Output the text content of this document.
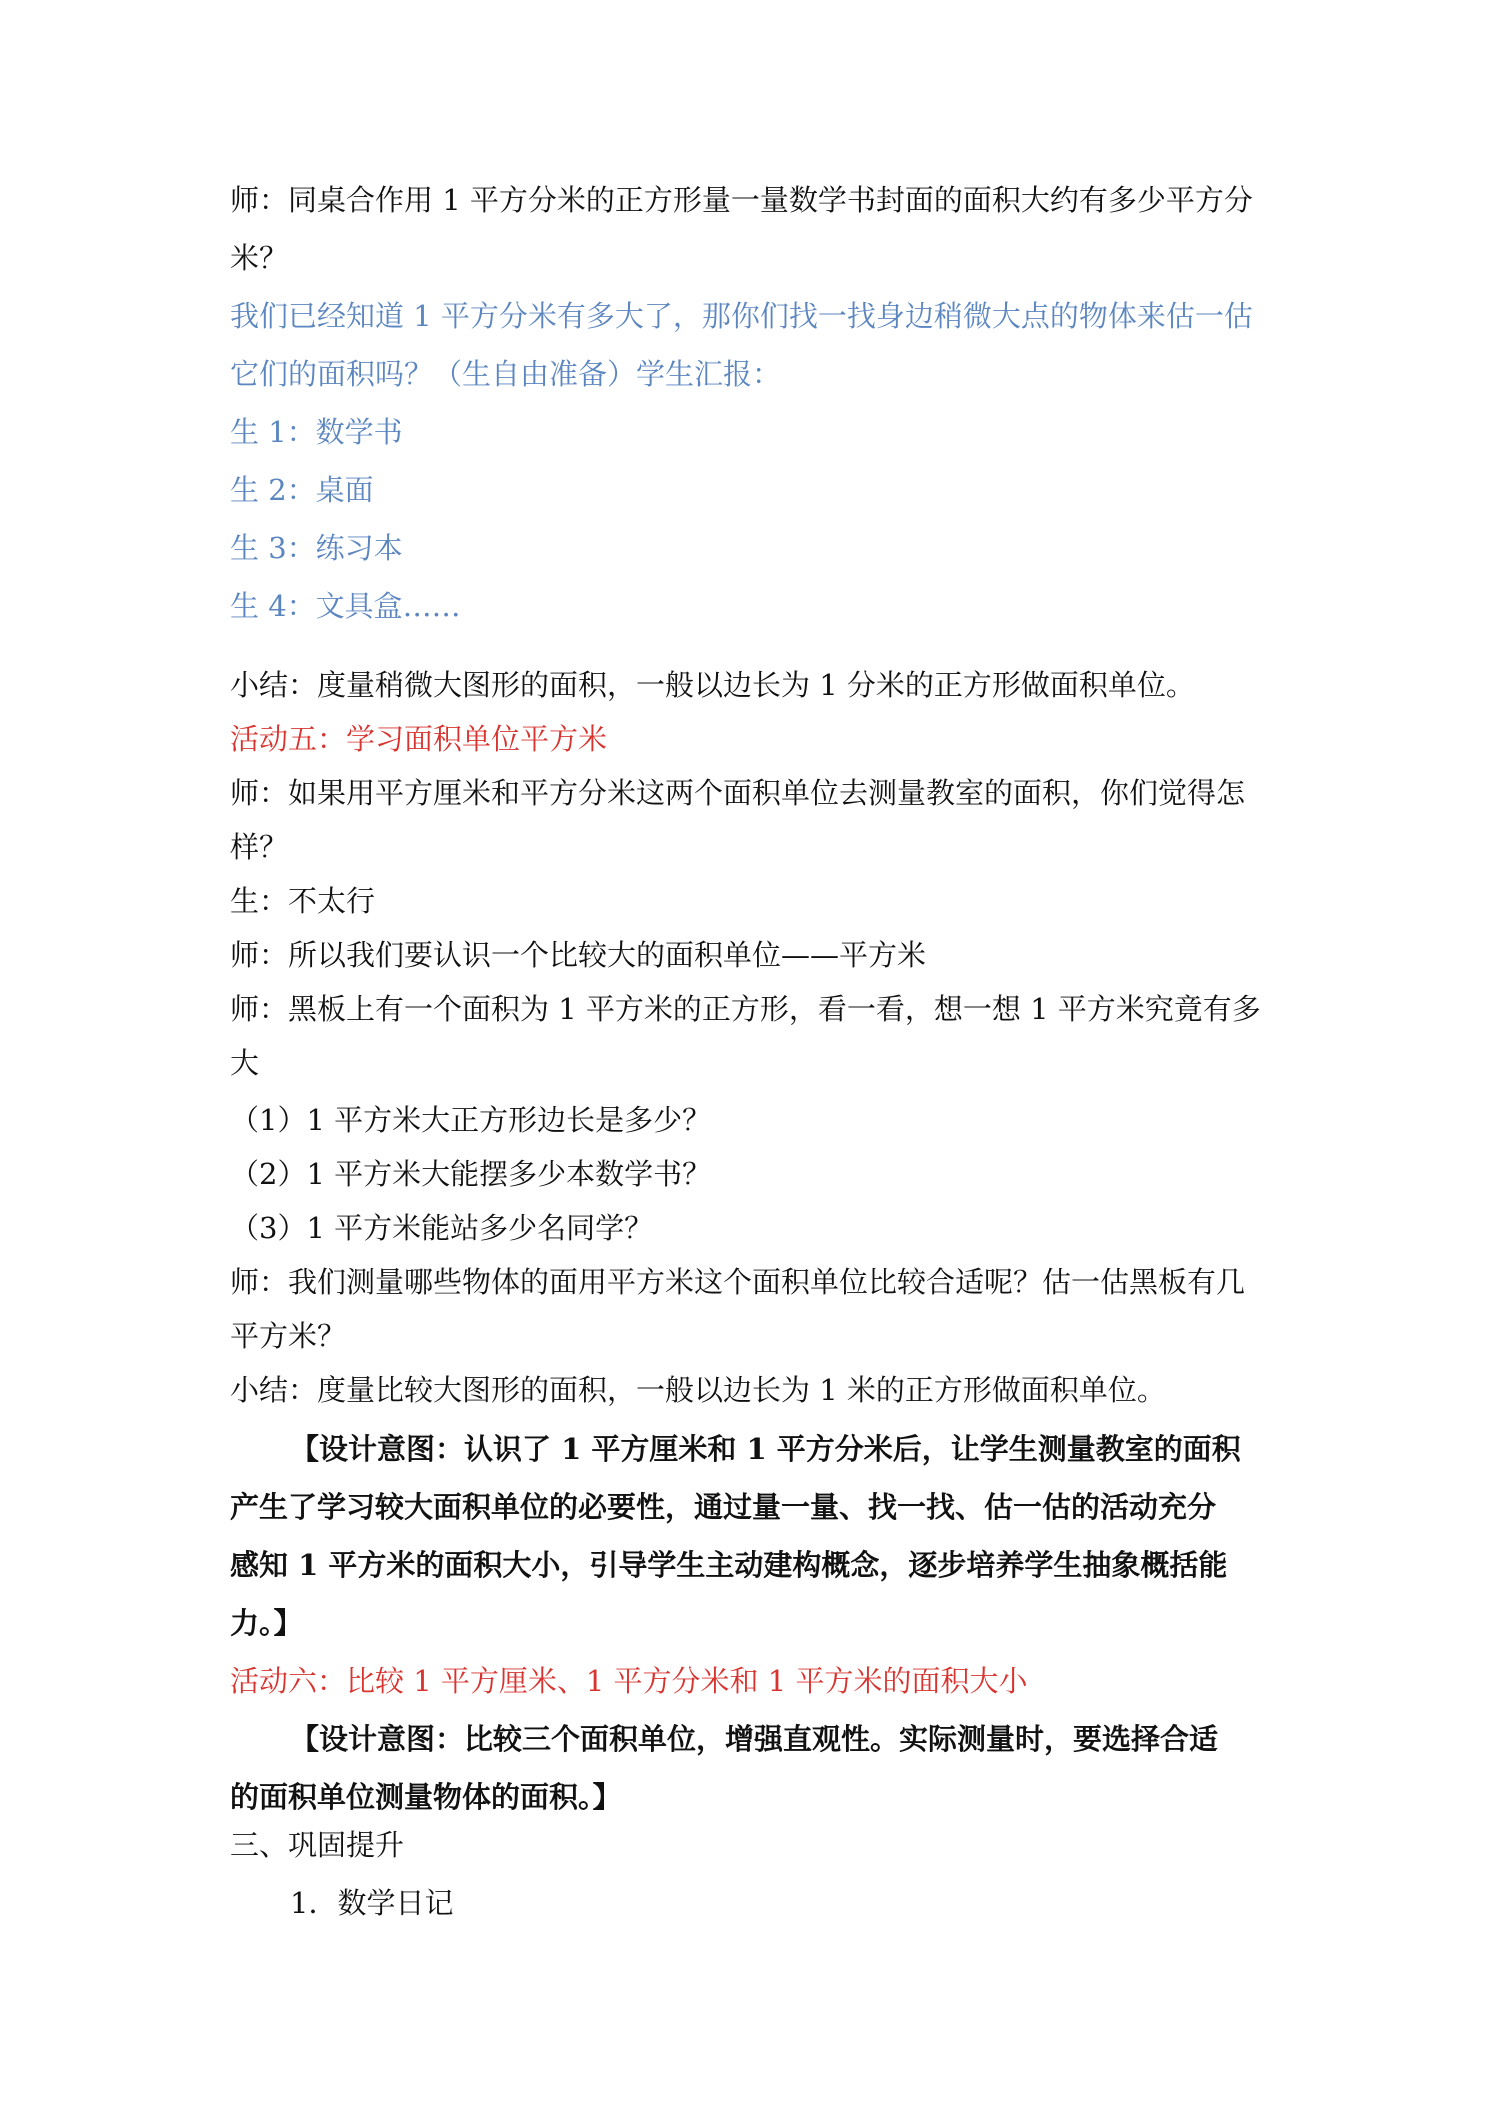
师：同桌合作用 1 平方分米的正方形量一量数学书封面的面积大约有多少平方分
米？
我们已经知道 1 平方分米有多大了，那你们找一找身边稍微大点的物体来估一估
它们的面积吗？（生自由准备）学生汇报：
生 1：数学书
生 2：桌面
生 3：练习本
生 4：文具盒……
小结：度量稍微大图形的面积，一般以边长为 1 分米的正方形做面积单位。
活动五：学习面积单位平方米
师：如果用平方厘米和平方分米这两个面积单位去测量教室的面积，你们觉得怎
样？
生：不太行
师：所以我们要认识一个比较大的面积单位——平方米
师：黑板上有一个面积为 1 平方米的正方形，看一看，想一想 1 平方米究竟有多
大
（1）1 平方米大正方形边长是多少？
（2）1 平方米大能摆多少本数学书？
（3）1 平方米能站多少名同学？
师：我们测量哪些物体的面用平方米这个面积单位比较合适呢？估一估黑板有几
平方米？
小结：度量比较大图形的面积，一般以边长为 1 米的正方形做面积单位。
【设计意图：认识了 1 平方厘米和 1 平方分米后，让学生测量教室的面积
产生了学习较大面积单位的必要性，通过量一量、找一找、估一估的活动充分
感知 1 平方米的面积大小，引导学生主动建构概念，逐步培养学生抽象概括能
力。】
活动六：比较 1 平方厘米、1 平方分米和 1 平方米的面积大小
【设计意图：比较三个面积单位，增强直观性。实际测量时，要选择合适
的面积单位测量物体的面积。】
三、巩固提升
1．数学日记
